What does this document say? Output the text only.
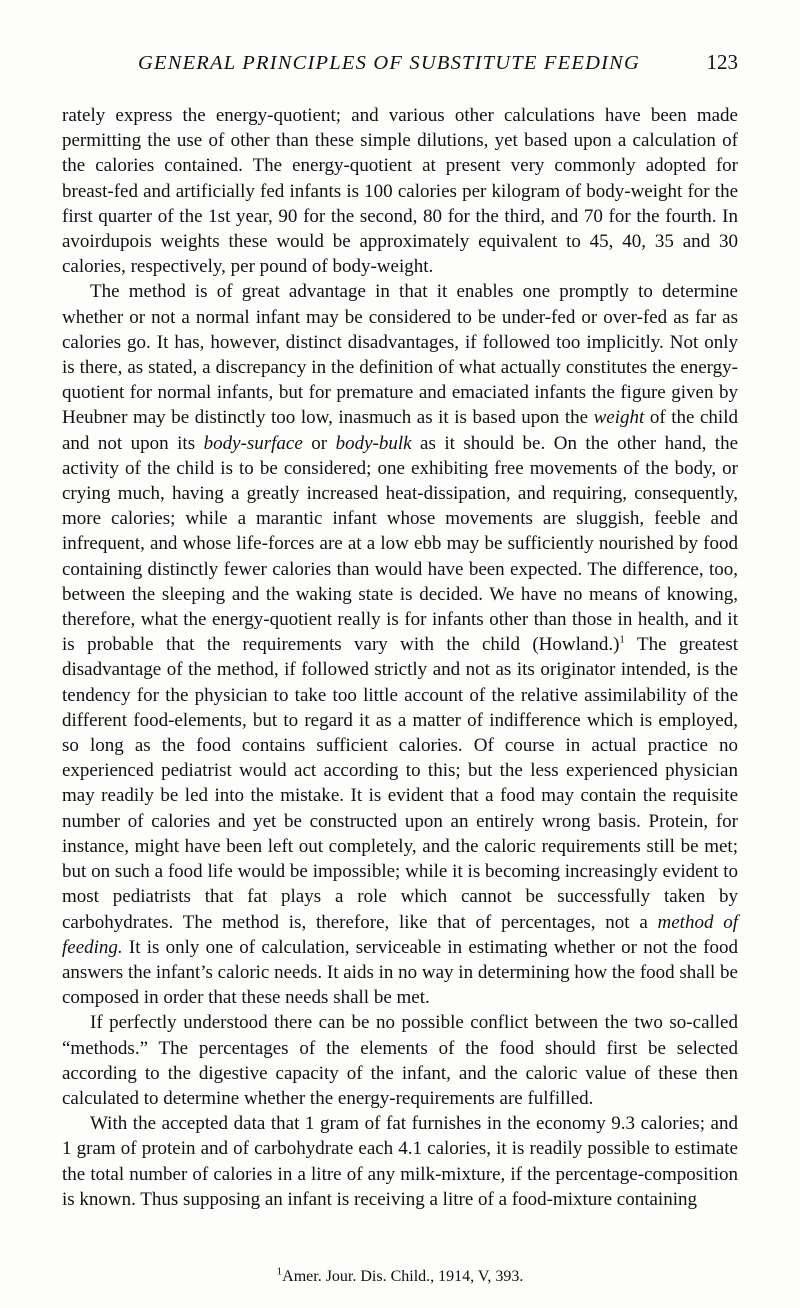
GENERAL PRINCIPLES OF SUBSTITUTE FEEDING	123

rately express the energy-quotient; and various other calculations have been made permitting the use of other than these simple dilutions, yet based upon a calculation of the calories contained. The energy-quotient at present very commonly adopted for breast-fed and artificially fed infants is 100 calories per kilogram of body-weight for the first quarter of the 1st year, 90 for the second, 80 for the third, and 70 for the fourth. In avoirdupois weights these would be approximately equivalent to 45, 40, 35 and 30 calories, respectively, per pound of body-weight.

The method is of great advantage in that it enables one promptly to determine whether or not a normal infant may be considered to be under-fed or over-fed as far as calories go. It has, however, distinct disadvantages, if followed too implicitly. Not only is there, as stated, a discrepancy in the definition of what actually constitutes the energy-quotient for normal infants, but for premature and emaciated infants the figure given by Heubner may be distinctly too low, inasmuch as it is based upon the weight of the child and not upon its body-surface or body-bulk as it should be. On the other hand, the activity of the child is to be considered; one exhibiting free movements of the body, or crying much, having a greatly increased heat-dissipation, and requiring, consequently, more calories; while a marantic infant whose movements are sluggish, feeble and infrequent, and whose life-forces are at a low ebb may be sufficiently nourished by food containing distinctly fewer calories than would have been expected. The difference, too, between the sleeping and the waking state is decided. We have no means of knowing, therefore, what the energy-quotient really is for infants other than those in health, and it is probable that the requirements vary with the child (Howland.)$^1$ The greatest disadvantage of the method, if followed strictly and not as its originator intended, is the tendency for the physician to take too little account of the relative assimilability of the different food-elements, but to regard it as a matter of indifference which is employed, so long as the food contains sufficient calories. Of course in actual practice no experienced pediatrist would act according to this; but the less experienced physician may readily be led into the mistake. It is evident that a food may contain the requisite number of calories and yet be constructed upon an entirely wrong basis. Protein, for instance, might have been left out completely, and the caloric requirements still be met; but on such a food life would be impossible; while it is becoming increasingly evident to most pediatrists that fat plays a role which cannot be successfully taken by carbohydrates. The method is, therefore, like that of percentages, not a method of feeding. It is only one of calculation, serviceable in estimating whether or not the food answers the infant’s caloric needs. It aids in no way in determining how the food shall be composed in order that these needs shall be met.

If perfectly understood there can be no possible conflict between the two so-called “methods.” The percentages of the elements of the food should first be selected according to the digestive capacity of the infant, and the caloric value of these then calculated to determine whether the energy-requirements are fulfilled.

With the accepted data that 1 gram of fat furnishes in the economy 9.3 calories; and 1 gram of protein and of carbohydrate each 4.1 calories, it is readily possible to estimate the total number of calories in a litre of any milk-mixture, if the percentage-composition is known. Thus supposing an infant is receiving a litre of a food-mixture containing

$^1$Amer. Jour. Dis. Child., 1914, V, 393.
